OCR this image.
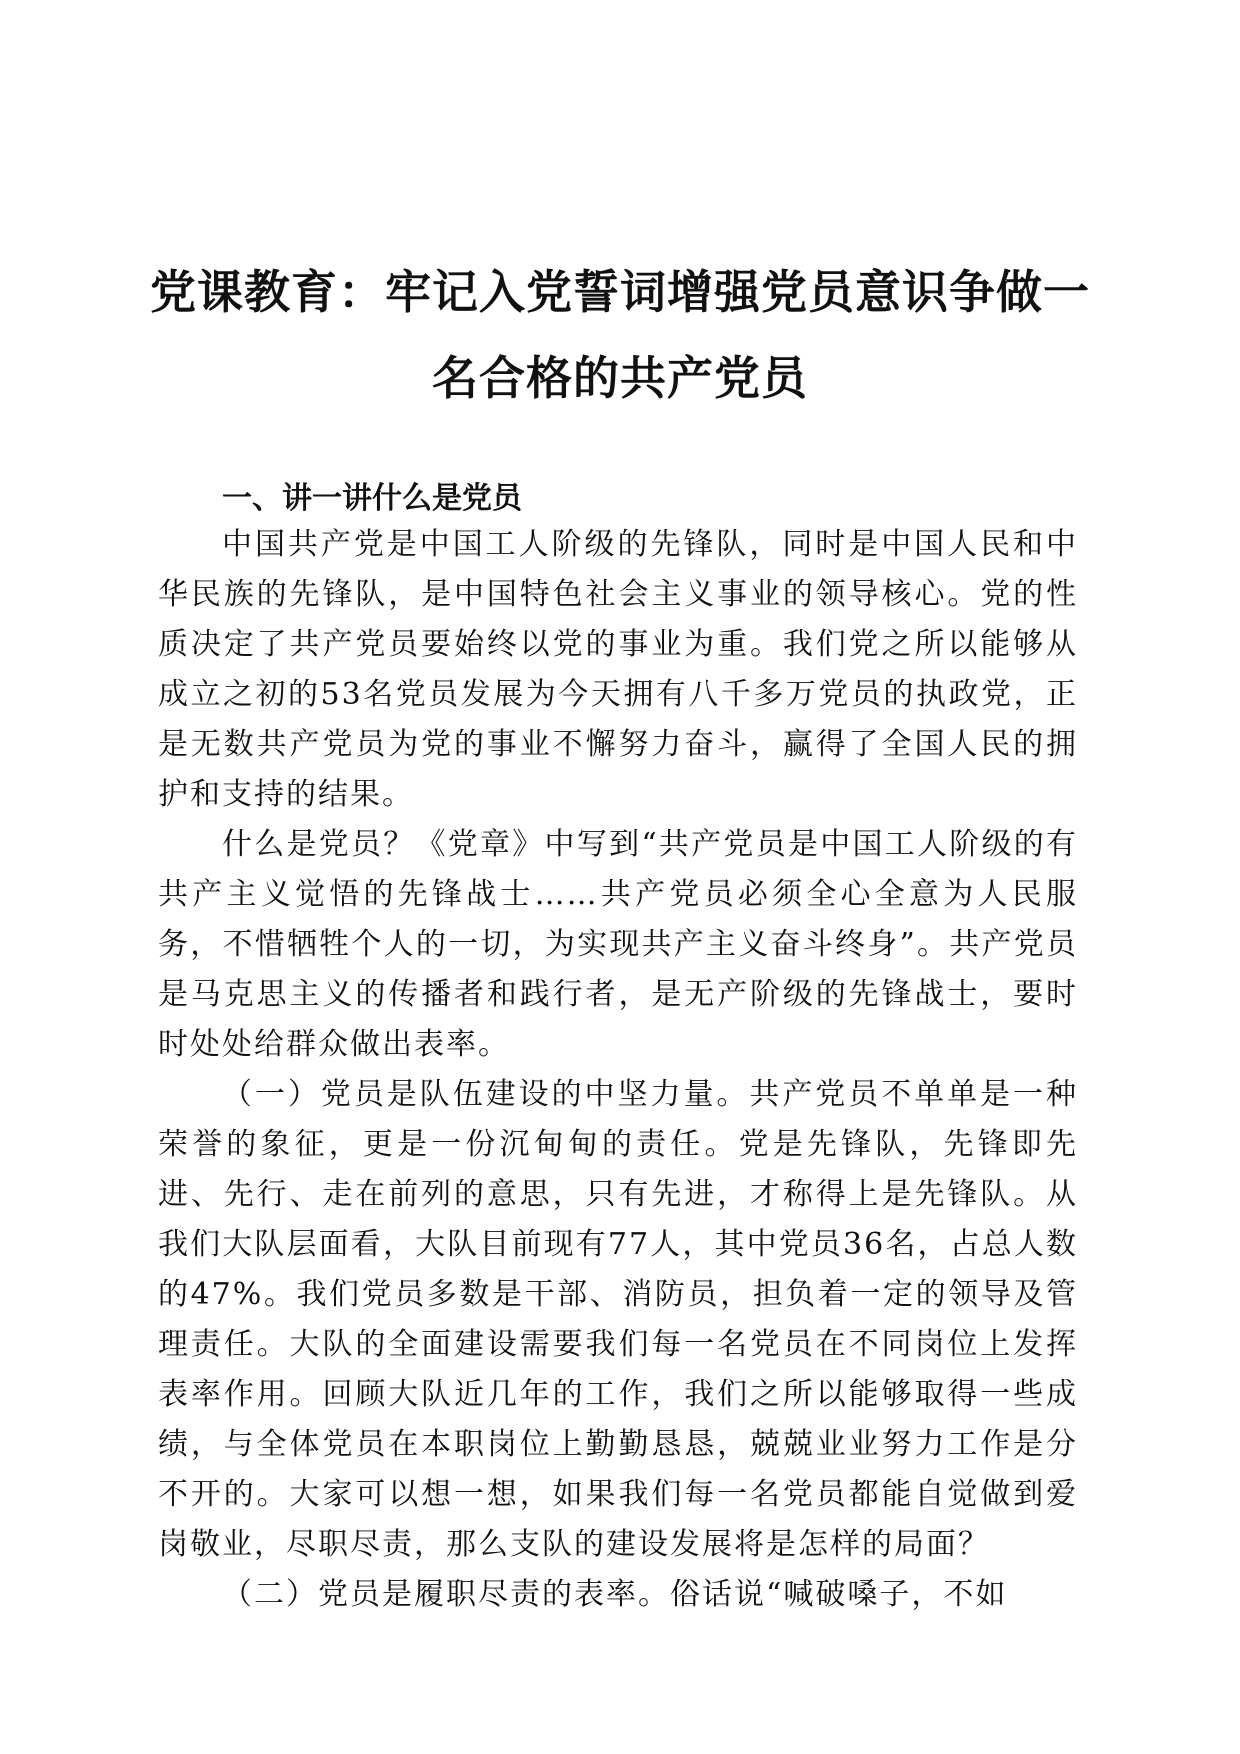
党课教育：牢记入党誓词增强党员意识争做一
名合格的共产党员
一、讲一讲什么是党员

中国共产党是中国工人阶级的先锋队，同时是中国人民和中华民族的先锋队，是中国特色社会主义事业的领导核心。党的性质决定了共产党员要始终以党的事业为重。我们党之所以能够从成立之初的53名党员发展为今天拥有八千多万党员的执政党，正是无数共产党员为党的事业不懈努力奋斗，赢得了全国人民的拥护和支持的结果。

什么是党员？《党章》中写到“共产党员是中国工人阶级的有共产主义觉悟的先锋战士……共产党员必须全心全意为人民服务，不惜牺牲个人的一切，为实现共产主义奋斗终身”。共产党员是马克思主义的传播者和践行者，是无产阶级的先锋战士，要时时处处给群众做出表率。

（一）党员是队伍建设的中坚力量。共产党员不单单是一种荣誉的象征，更是一份沉甸甸的责任。党是先锋队，先锋即先进、先行、走在前列的意思，只有先进，才称得上是先锋队。从我们大队层面看，大队目前现有77人，其中党员36名，占总人数的47%。我们党员多数是干部、消防员，担负着一定的领导及管理责任。大队的全面建设需要我们每一名党员在不同岗位上发挥表率作用。回顾大队近几年的工作，我们之所以能够取得一些成绩，与全体党员在本职岗位上勤勤恳恳，兢兢业业努力工作是分不开的。大家可以想一想，如果我们每一名党员都能自觉做到爱岗敬业，尽职尽责，那么支队的建设发展将是怎样的局面？

（二）党员是履职尽责的表率。俗话说“喊破嗓子，不如
